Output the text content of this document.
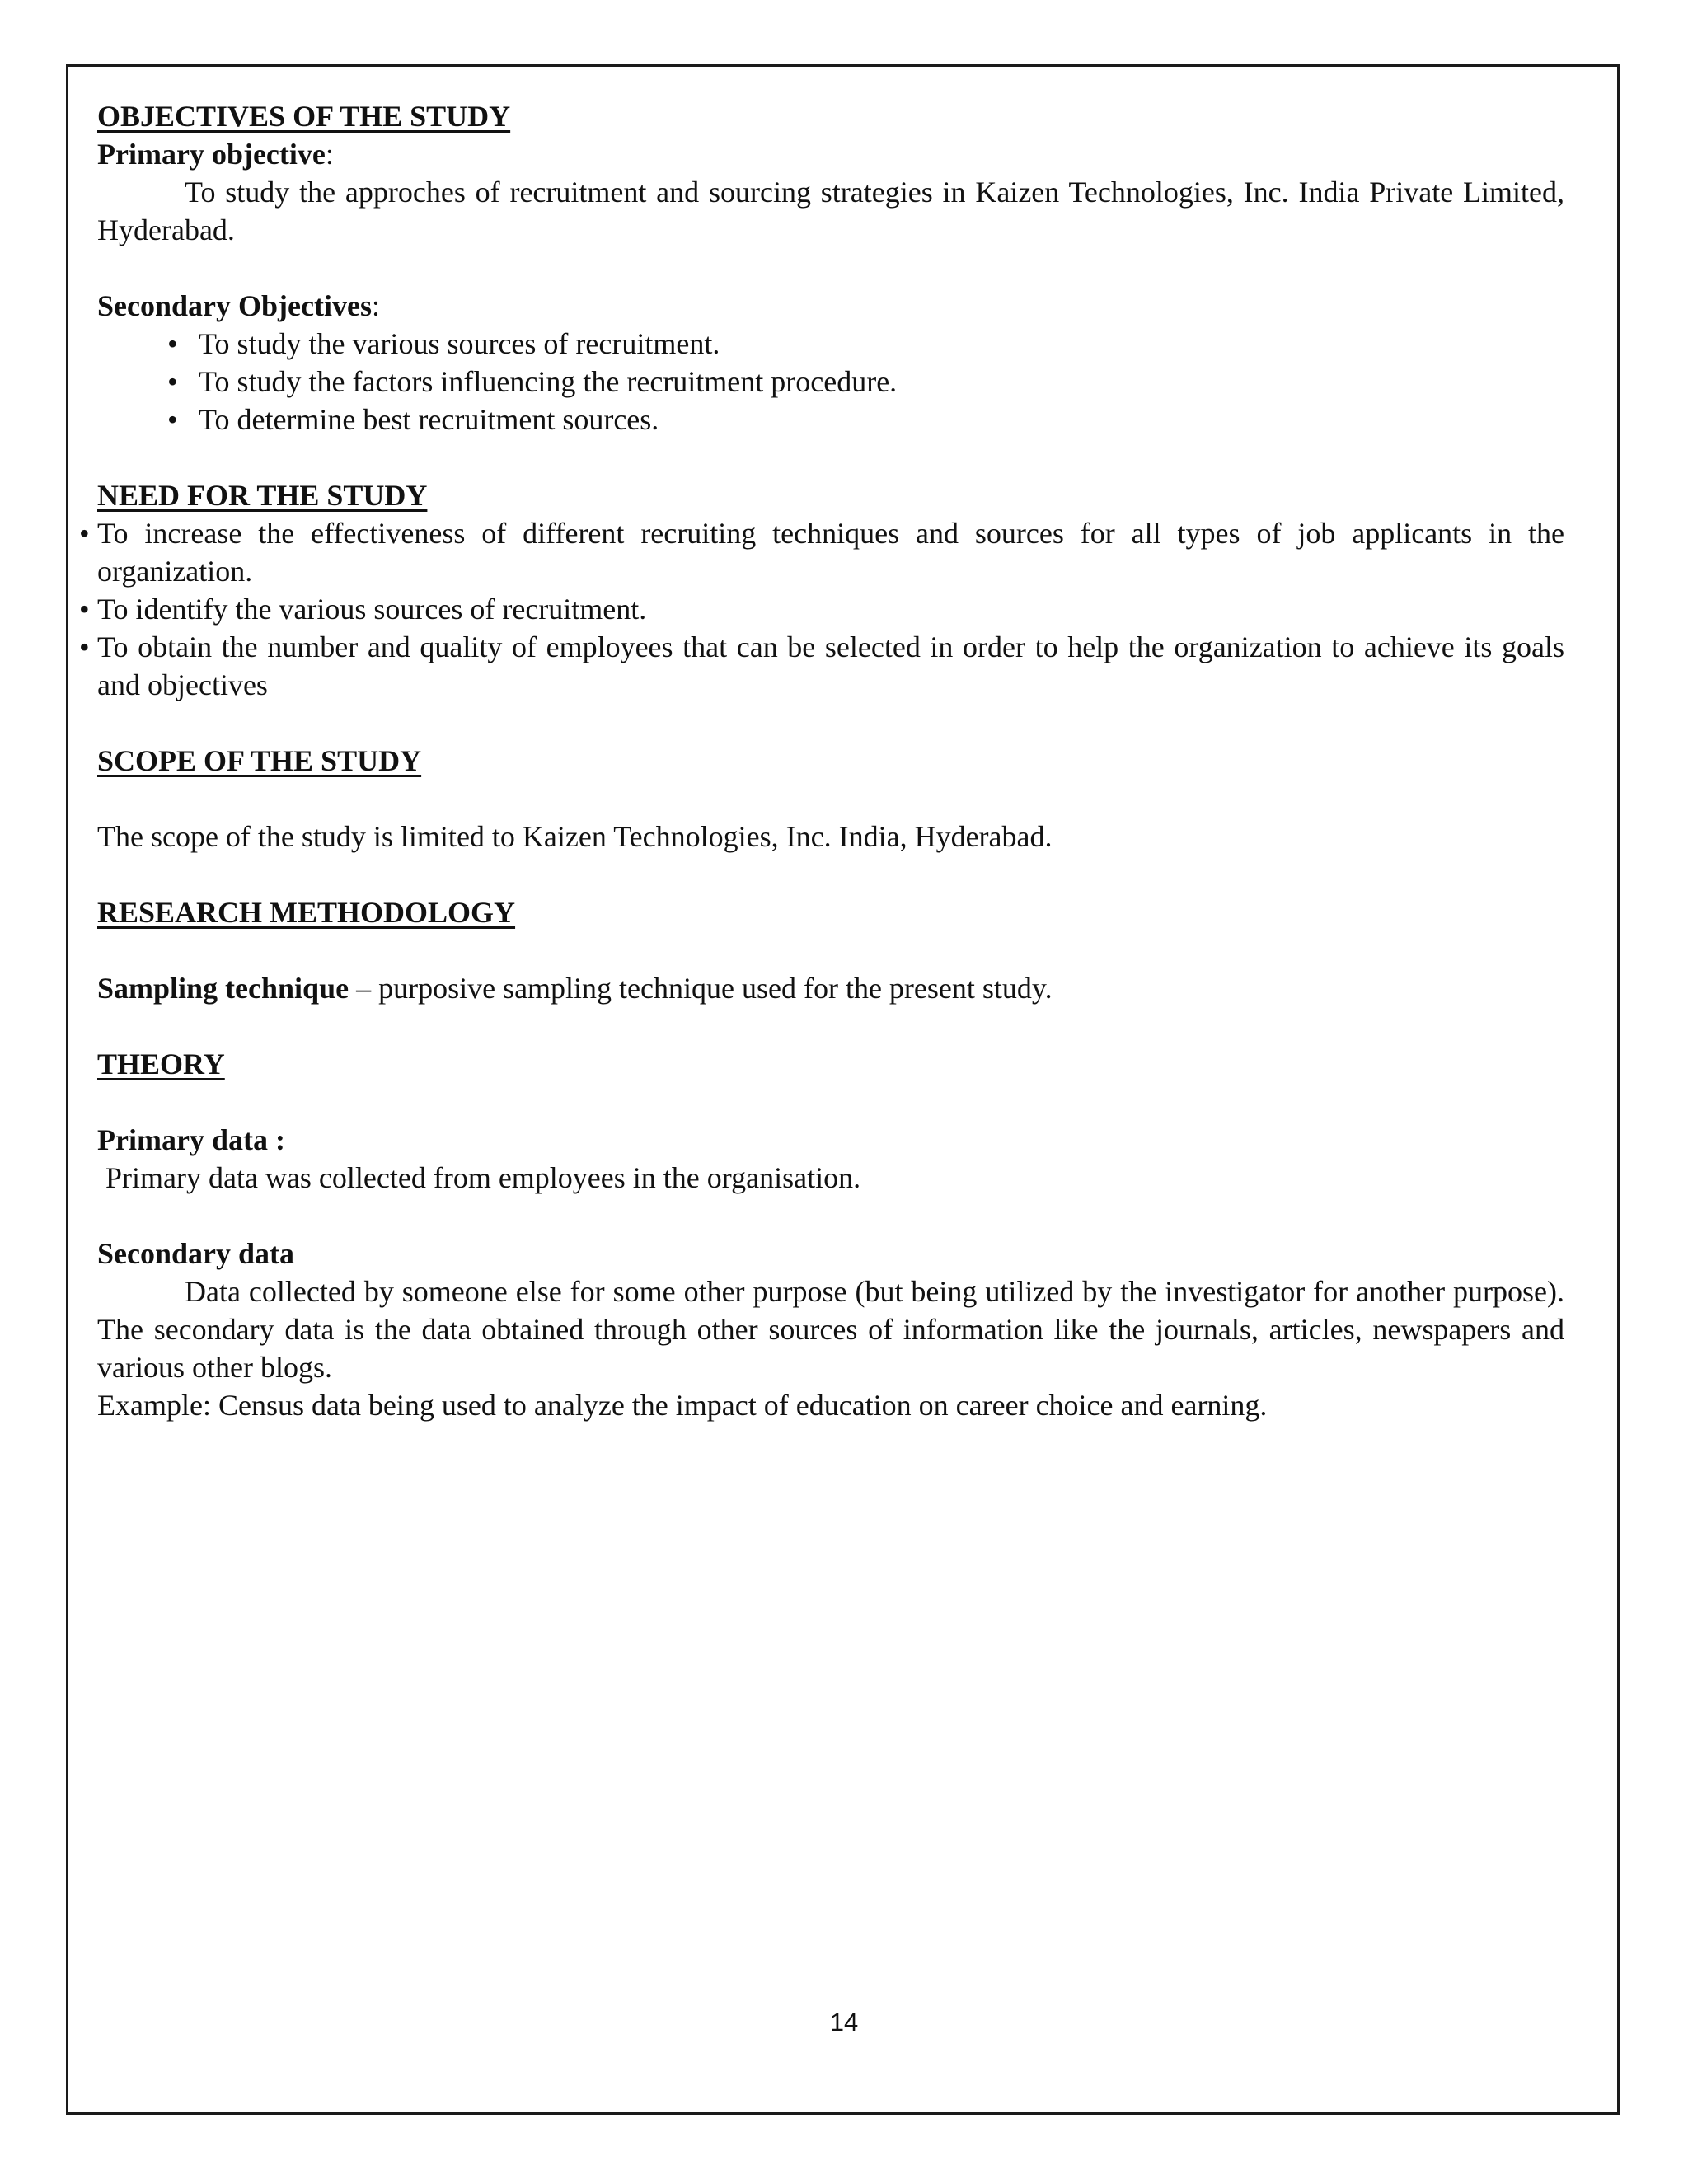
OBJECTIVES OF THE STUDY

Primary objective:

To study the approches of recruitment and sourcing strategies in Kaizen Technologies, Inc. India Private Limited, Hyderabad.

Secondary Objectives:

• To study the various sources of recruitment.
• To study the factors influencing the recruitment procedure.
• To determine best recruitment sources.

NEED FOR THE STUDY

• To increase the effectiveness of different recruiting techniques and sources for all types of job applicants in the organization.
• To identify the various sources of recruitment.
• To obtain the number and quality of employees that can be selected in order to help the organization to achieve its goals and objectives

SCOPE OF THE STUDY

The scope of the study is limited to Kaizen Technologies, Inc. India, Hyderabad.

RESEARCH METHODOLOGY

Sampling technique – purposive sampling technique used for the present study.

THEORY

Primary data :

Primary data was collected from employees in the organisation.

Secondary data

Data collected by someone else for some other purpose (but being utilized by the investigator for another purpose). The secondary data is the data obtained through other sources of information like the journals, articles, newspapers and various other blogs.

Example: Census data being used to analyze the impact of education on career choice and earning.

14
